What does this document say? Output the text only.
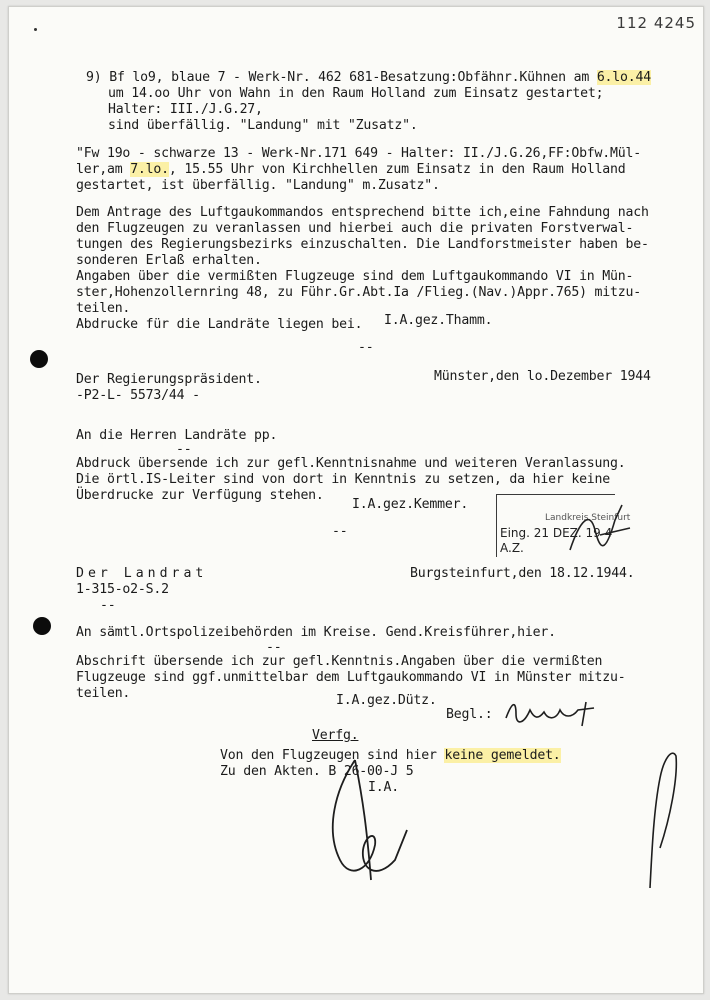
112 4245
9) Bf lo9, blaue 7 - Werk-Nr. 462 681-Besatzung:Obfähnr.Kühnen am 6.lo.44
um 14.oo Uhr von Wahn in den Raum Holland zum Einsatz gestartet;
Halter: III./J.G.27,
sind überfällig. "Landung" mit "Zusatz".
"Fw 19o - schwarze 13 - Werk-Nr.171 649 - Halter: II./J.G.26,FF:Obfw.Mül-
ler,am 7.lo., 15.55 Uhr von Kirchhellen zum Einsatz in den Raum Holland
gestartet, ist überfällig. "Landung" m.Zusatz".
Dem Antrage des Luftgaukommandos entsprechend bitte ich,eine Fahndung nach
den Flugzeugen zu veranlassen und hierbei auch die privaten Forstverwal-
tungen des Regierungsbezirks einzuschalten. Die Landforstmeister haben be-
sonderen Erlaß erhalten.
Angaben über die vermißten Flugzeuge sind dem Luftgaukommando VI in Mün-
ster,Hohenzollernring 48, zu Führ.Gr.Abt.Ia /Flieg.(Nav.)Appr.765) mitzu-
teilen.
Abdrucke für die Landräte liegen bei. I.A.gez.Thamm.
--
Der Regierungspräsident.	Münster,den lo.Dezember 1944
-P2-L- 5573/44 -
An die Herren Landräte pp.
--
Abdruck übersende ich zur gefl.Kenntnisnahme und weiteren Veranlassung.
Die örtl.IS-Leiter sind von dort in Kenntnis zu setzen, da hier keine
Überdrucke zur Verfügung stehen.
I.A.gez.Kemmer.
--
Landkreis Steinfurt
Eing. 21 DEZ. 19 4
A.Z.
Der Landrat	Burgsteinfurt,den 18.12.1944.
1-315-o2-S.2
--
An sämtl.Ortspolizeibehörden im Kreise. Gend.Kreisführer,hier.
--
Abschrift übersende ich zur gefl.Kenntnis.Angaben über die vermißten
Flugzeuge sind ggf.unmittelbar dem Luftgaukommando VI in Münster mitzu-
teilen.	I.A.gez.Dütz.
Begl.:
Verfg.
Von den Flugzeugen sind hier keine gemeldet.
Zu den Akten. B 26-00-J 5
I.A.
